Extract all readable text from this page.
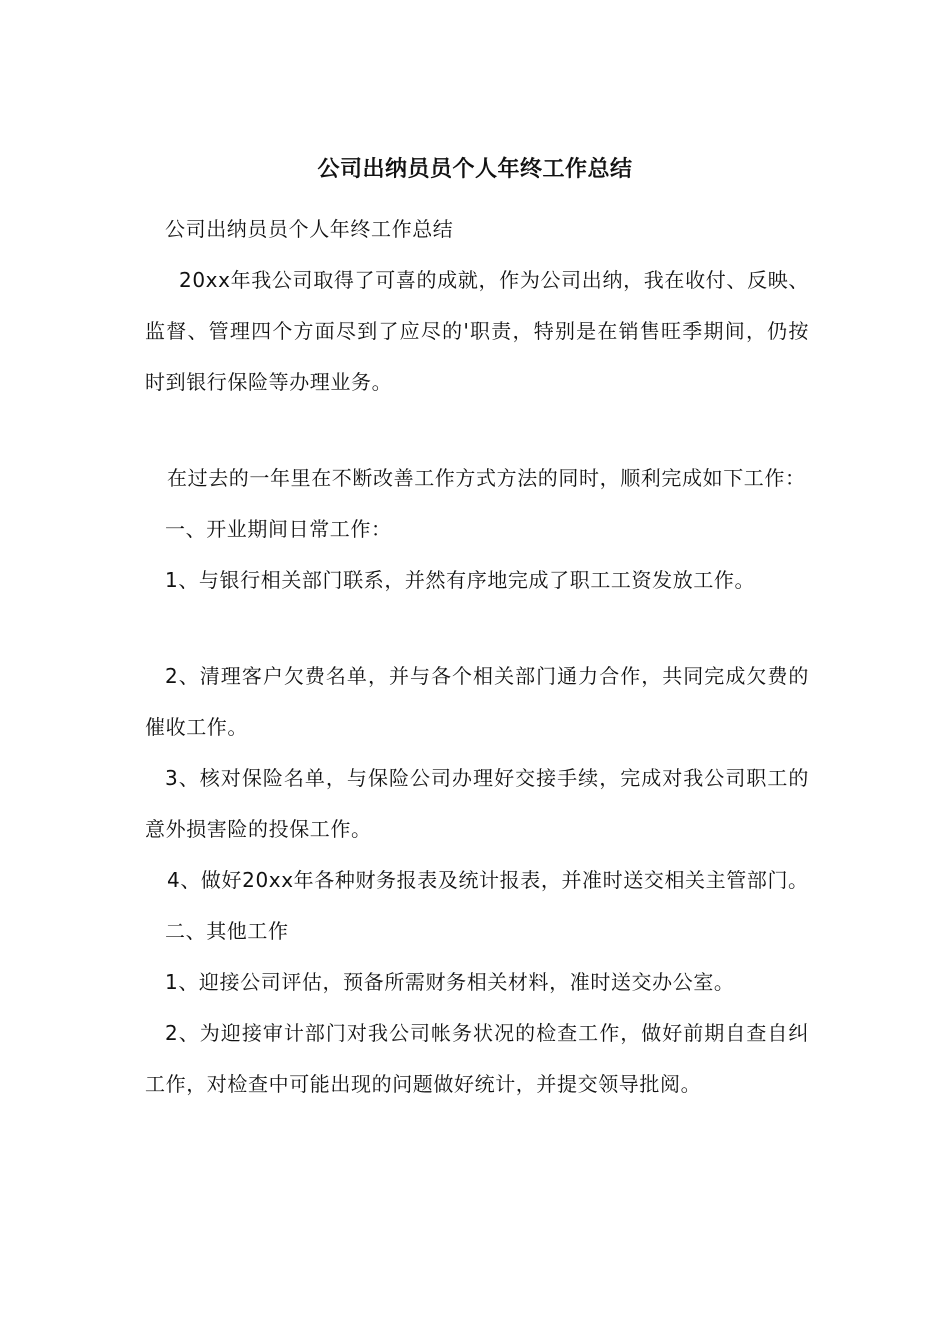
公司出纳员员个人年终工作总结

公司出纳员员个人年终工作总结

20xx年我公司取得了可喜的成就，作为公司出纳，我在收付、反映、监督、管理四个方面尽到了应尽的'职责，特别是在销售旺季期间，仍按时到银行保险等办理业务。

在过去的一年里在不断改善工作方式方法的同时，顺利完成如下工作：

一、开业期间日常工作：

1、与银行相关部门联系，并然有序地完成了职工工资发放工作。

2、清理客户欠费名单，并与各个相关部门通力合作，共同完成欠费的催收工作。

3、核对保险名单，与保险公司办理好交接手续，完成对我公司职工的意外损害险的投保工作。

4、做好20xx年各种财务报表及统计报表，并准时送交相关主管部门。

二、其他工作

1、迎接公司评估，预备所需财务相关材料，准时送交办公室。

2、为迎接审计部门对我公司帐务状况的检查工作，做好前期自查自纠工作，对检查中可能出现的问题做好统计，并提交领导批阅。
